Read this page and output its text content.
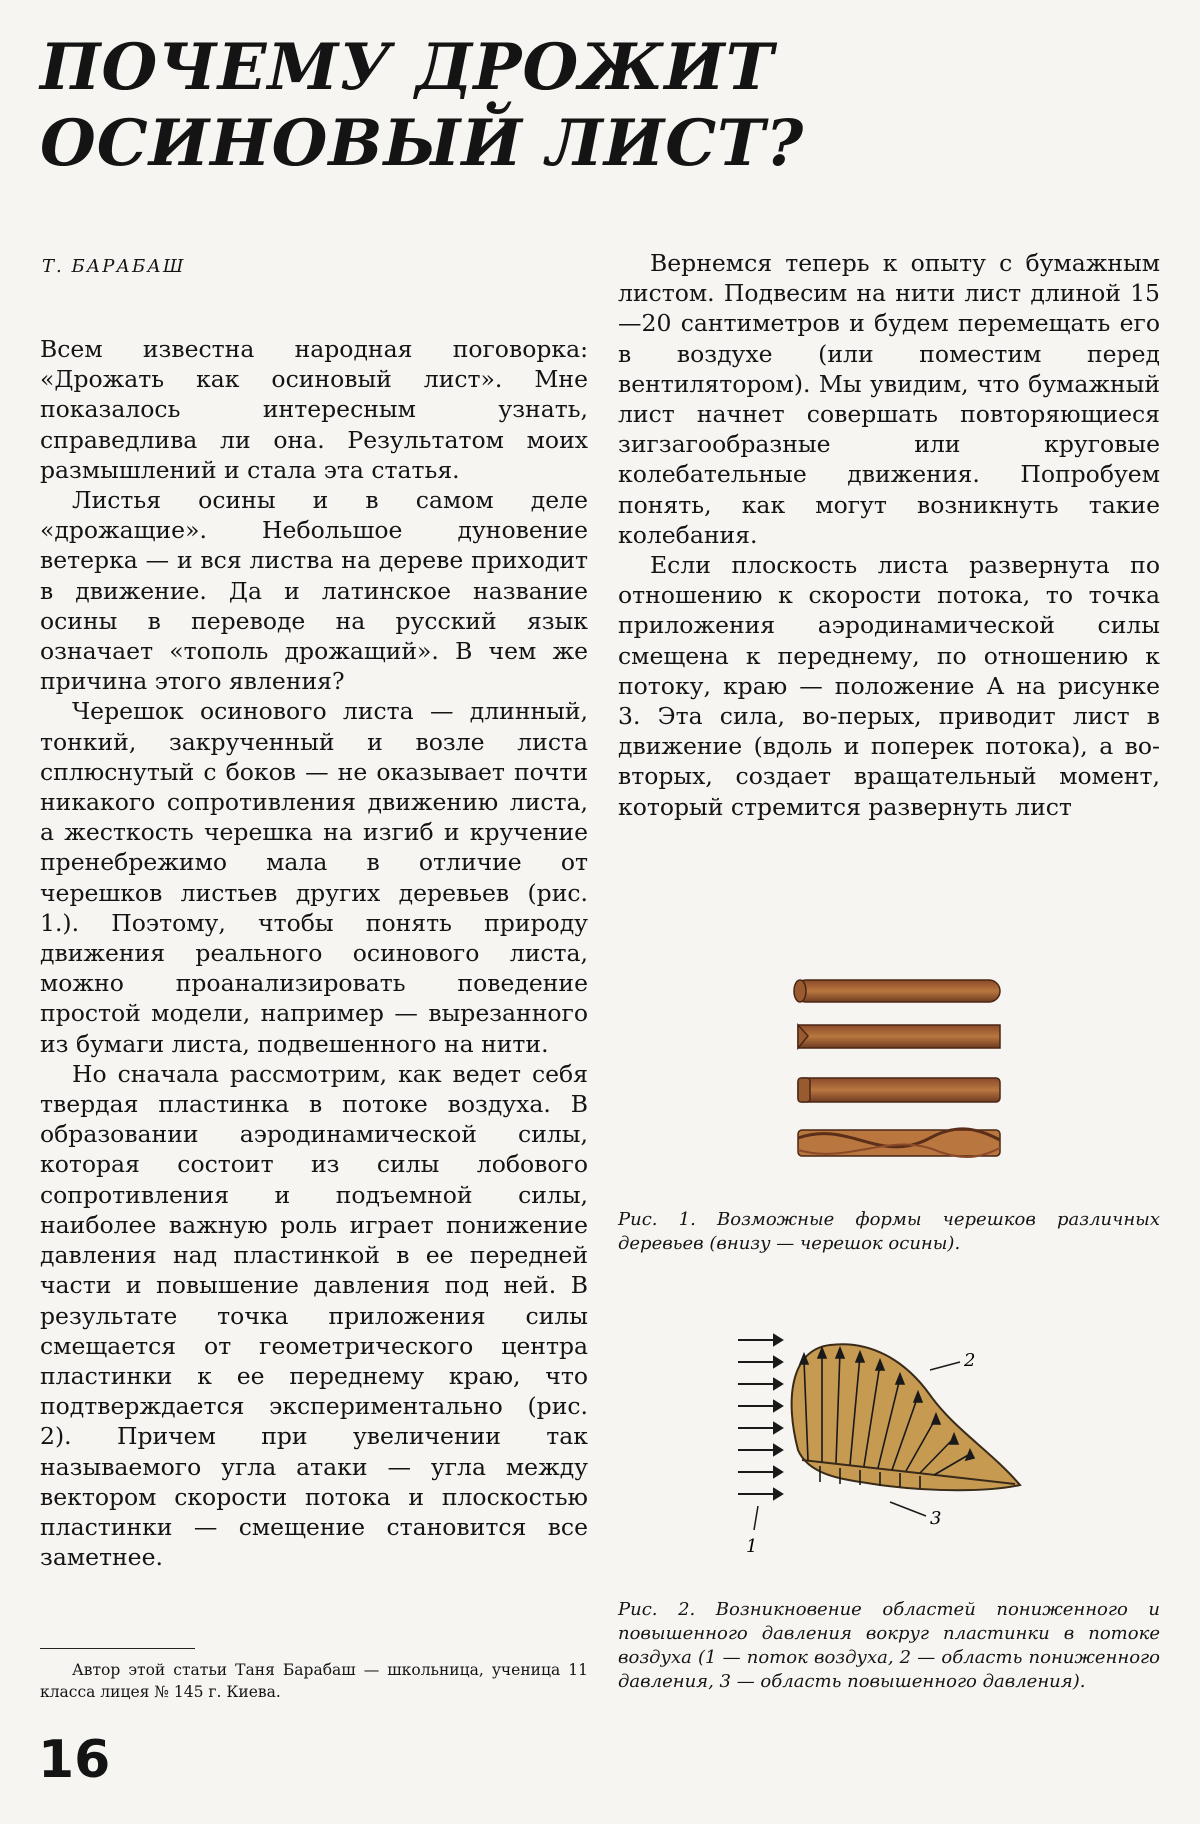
ПОЧЕМУ ДРОЖИТ
ОСИНОВЫЙ ЛИСТ?

Т. БАРАБАШ

Всем известна народная поговорка: «Дрожать как осиновый лист». Мне показалось интересным узнать, справедлива ли она. Результатом моих размышлений и стала эта статья.

Листья осины и в самом деле «дрожащие». Небольшое дуновение ветерка — и вся листва на дереве приходит в движение. Да и латинское название осины в переводе на русский язык означает «тополь дрожащий». В чем же причина этого явления?

Черешок осинового листа — длинный, тонкий, закрученный и возле листа сплюснутый с боков — не оказывает почти никакого сопротивления движению листа, а жесткость черешка на изгиб и кручение пренебрежимо мала в отличие от черешков листьев других деревьев (рис. 1.). Поэтому, чтобы понять природу движения реального осинового листа, можно проанализировать поведение простой модели, например — вырезанного из бумаги листа, подвешенного на нити.

Но сначала рассмотрим, как ведет себя твердая пластинка в потоке воздуха. В образовании аэродинамической силы, которая состоит из силы лобового сопротивления и подъемной силы, наиболее важную роль играет понижение давления над пластинкой в ее передней части и повышение давления под ней. В результате точка приложения силы смещается от геометрического центра пластинки к ее переднему краю, что подтверждается экспериментально (рис. 2). Причем при увеличении так называемого угла атаки — угла между вектором скорости потока и плоскостью пластинки — смещение становится все заметнее.

Вернемся теперь к опыту с бумажным листом. Подвесим на нити лист длиной 15—20 сантиметров и будем перемещать его в воздухе (или поместим перед вентилятором). Мы увидим, что бумажный лист начнет совершать повторяющиеся зигзагообразные или круговые колебательные движения. Попробуем понять, как могут возникнуть такие колебания.

Если плоскость листа развернута по отношению к скорости потока, то точка приложения аэродинамической силы смещена к переднему, по отношению к потоку, краю — положение А на рисунке 3. Эта сила, во-перых, приводит лист в движение (вдоль и поперек потока), а во-вторых, создает вращательный момент, который стремится развернуть лист

Рис. 1. Возможные формы черешков различных деревьев (внизу — черешок осины).

2
3
1

Рис. 2. Возникновение областей пониженного и повышенного давления вокруг пластинки в потоке воздуха (1 — поток воздуха, 2 — область пониженного давления, 3 — область повышенного давления).

Автор этой статьи Таня Барабаш — школьница, ученица 11 класса лицея № 145 г. Киева.

16
